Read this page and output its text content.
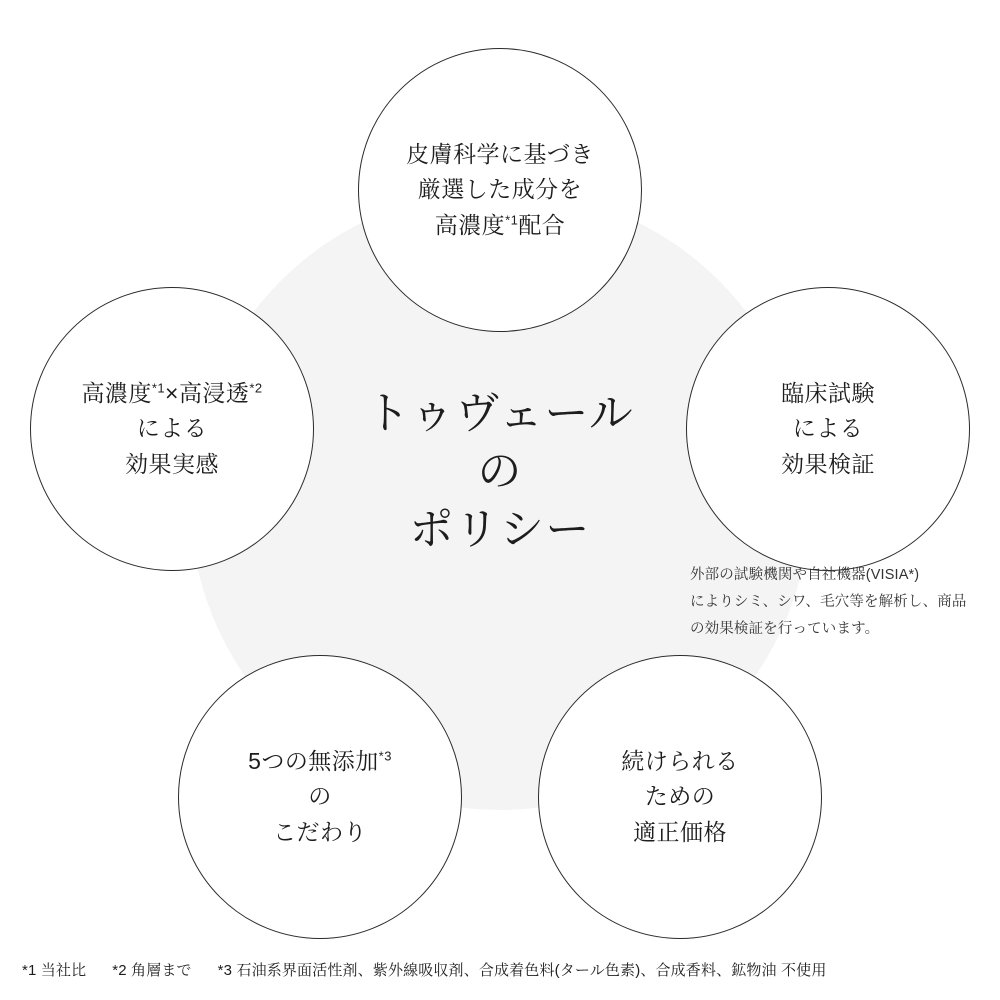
皮膚科学に基づき
厳選した成分を
高濃度$^{*1}$配合
高濃度$^{*1}$×高浸透$^{*2}$
による
効果実感
臨床試験
による
効果検証
5つの無添加$^{*3}$
の
こだわり
続けられる
ための
適正価格
トゥヴェール
の
ポリシー
外部の試験機関や自社機器(VISIA*)
によりシミ、シワ、毛穴等を解析し、商品
の効果検証を行っています。
*1 当社比 *2 角層まで *3 石油系界面活性剤、紫外線吸収剤、合成着色料(タール色素)、合成香料、鉱物油 不使用
